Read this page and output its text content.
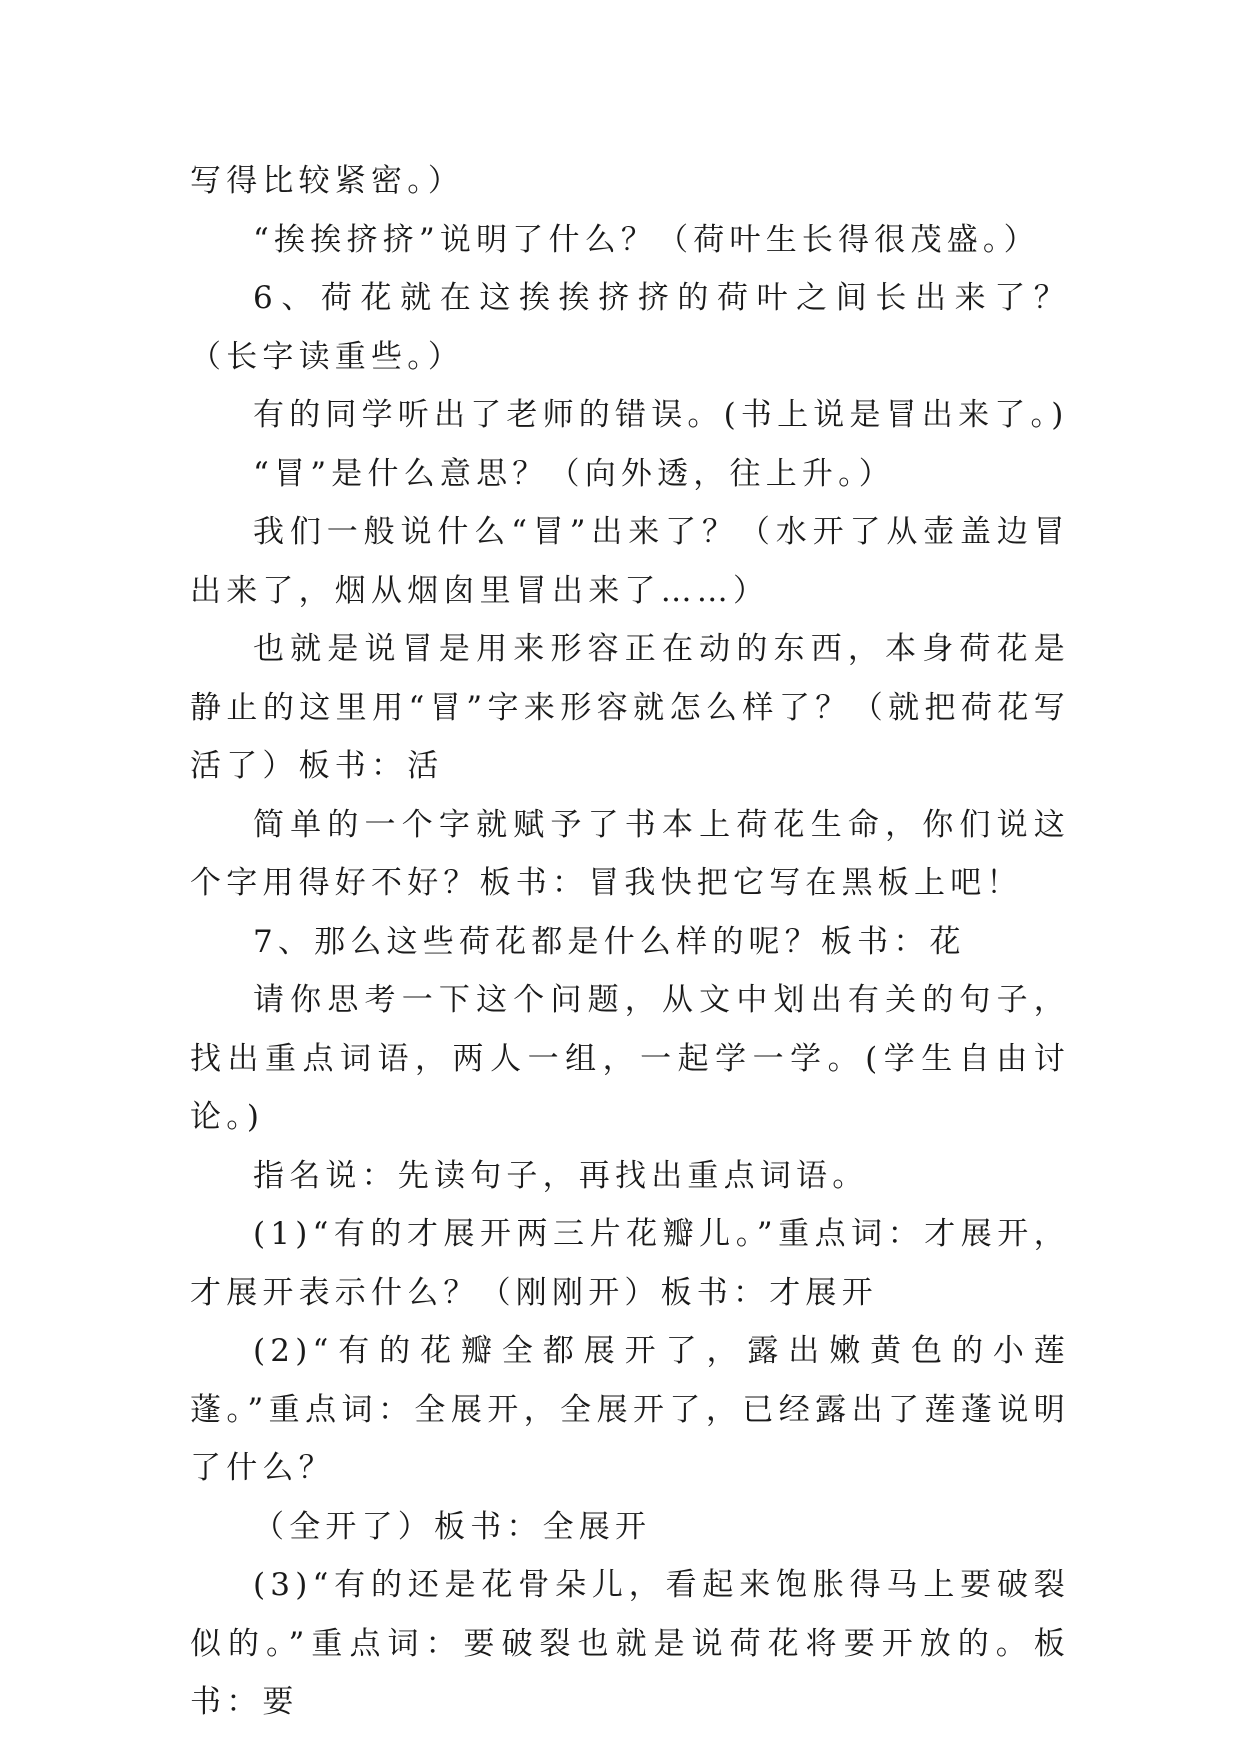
写得比较紧密。）

“挨挨挤挤”说明了什么？（荷叶生长得很茂盛。）

6、荷花就在这挨挨挤挤的荷叶之间长出来了？（长字读重些。）

有的同学听出了老师的错误。(书上说是冒出来了。)

“冒”是什么意思？（向外透，往上升。）

我们一般说什么“冒”出来了？（水开了从壶盖边冒出来了，烟从烟囱里冒出来了……）

也就是说冒是用来形容正在动的东西，本身荷花是静止的这里用“冒”字来形容就怎么样了？（就把荷花写活了）板书：活

简单的一个字就赋予了书本上荷花生命，你们说这个字用得好不好？板书：冒我快把它写在黑板上吧！

7、那么这些荷花都是什么样的呢？板书：花

请你思考一下这个问题，从文中划出有关的句子，找出重点词语，两人一组，一起学一学。(学生自由讨论。)

指名说：先读句子，再找出重点词语。

(1)“有的才展开两三片花瓣儿。”重点词：才展开，才展开表示什么？（刚刚开）板书：才展开

(2)“有的花瓣全都展开了，露出嫩黄色的小莲蓬。”重点词：全展开，全展开了，已经露出了莲蓬说明了什么？

（全开了）板书：全展开

(3)“有的还是花骨朵儿，看起来饱胀得马上要破裂似的。”重点词：要破裂也就是说荷花将要开放的。板书：要
